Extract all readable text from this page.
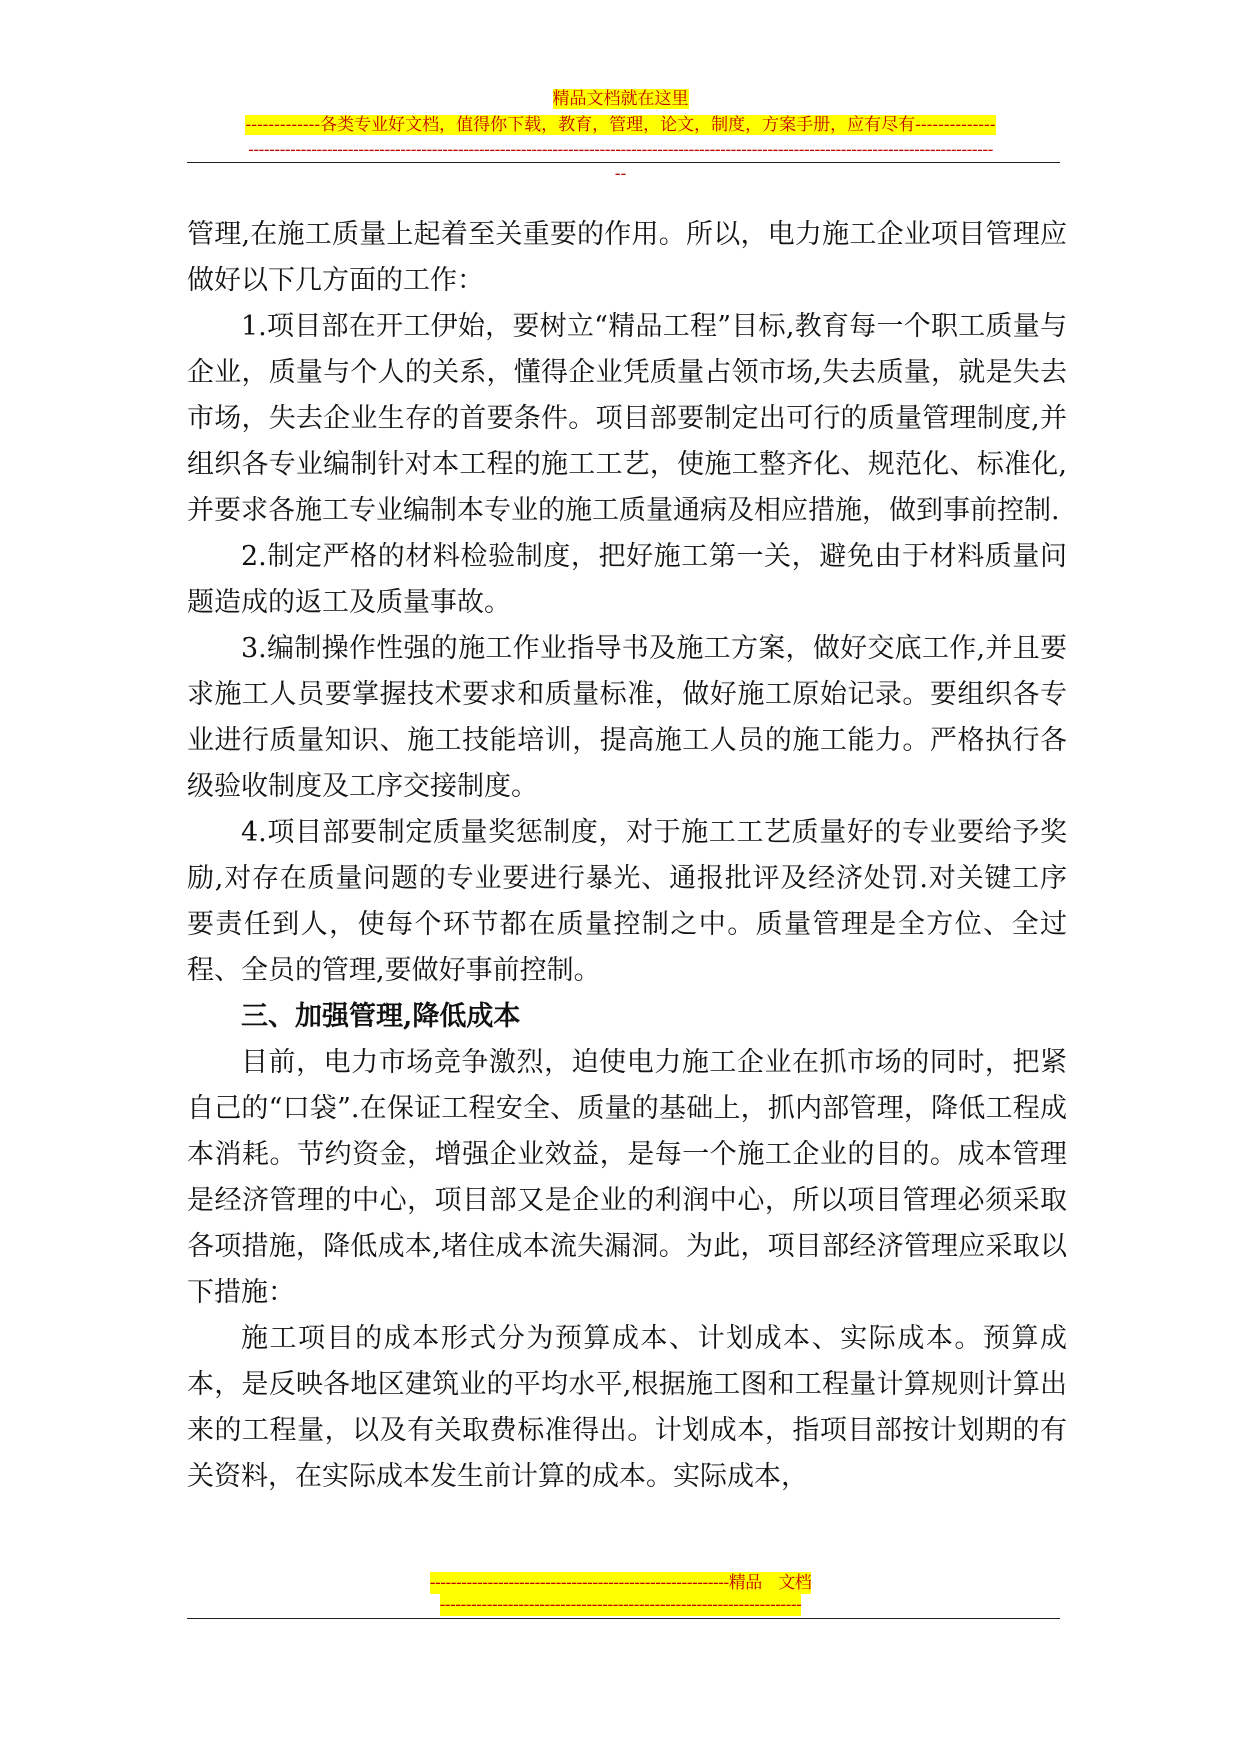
精品文档就在这里
-------------各类专业好文档，值得你下载，教育，管理，论文，制度，方案手册，应有尽有--------------
----------------------------------------------------------------------------------------------------------------------------------------------
--

管理,在施工质量上起着至关重要的作用。所以，电力施工企业项目管理应做好以下几方面的工作：

1.项目部在开工伊始，要树立“精品工程”目标,教育每一个职工质量与企业，质量与个人的关系，懂得企业凭质量占领市场,失去质量，就是失去市场，失去企业生存的首要条件。项目部要制定出可行的质量管理制度,并组织各专业编制针对本工程的施工工艺，使施工整齐化、规范化、标准化,并要求各施工专业编制本专业的施工质量通病及相应措施，做到事前控制.

2.制定严格的材料检验制度，把好施工第一关，避免由于材料质量问题造成的返工及质量事故。

3.编制操作性强的施工作业指导书及施工方案，做好交底工作,并且要求施工人员要掌握技术要求和质量标准，做好施工原始记录。要组织各专业进行质量知识、施工技能培训，提高施工人员的施工能力。严格执行各级验收制度及工序交接制度。

4.项目部要制定质量奖惩制度，对于施工工艺质量好的专业要给予奖励,对存在质量问题的专业要进行暴光、通报批评及经济处罚.对关键工序要责任到人，使每个环节都在质量控制之中。质量管理是全方位、全过程、全员的管理,要做好事前控制。

三、加强管理,降低成本

目前，电力市场竞争激烈，迫使电力施工企业在抓市场的同时，把紧自己的“口袋”.在保证工程安全、质量的基础上，抓内部管理，降低工程成本消耗。节约资金，增强企业效益，是每一个施工企业的目的。成本管理是经济管理的中心，项目部又是企业的利润中心，所以项目管理必须采取各项措施，降低成本,堵住成本流失漏洞。为此，项目部经济管理应采取以下措施：

施工项目的成本形式分为预算成本、计划成本、实际成本。预算成本，是反映各地区建筑业的平均水平,根据施工图和工程量计算规则计算出来的工程量，以及有关取费标准得出。计划成本，指项目部按计划期的有关资料，在实际成本发生前计算的成本。实际成本，

---------------------------------------------------------精品　文档
---------------------------------------------------------------------
